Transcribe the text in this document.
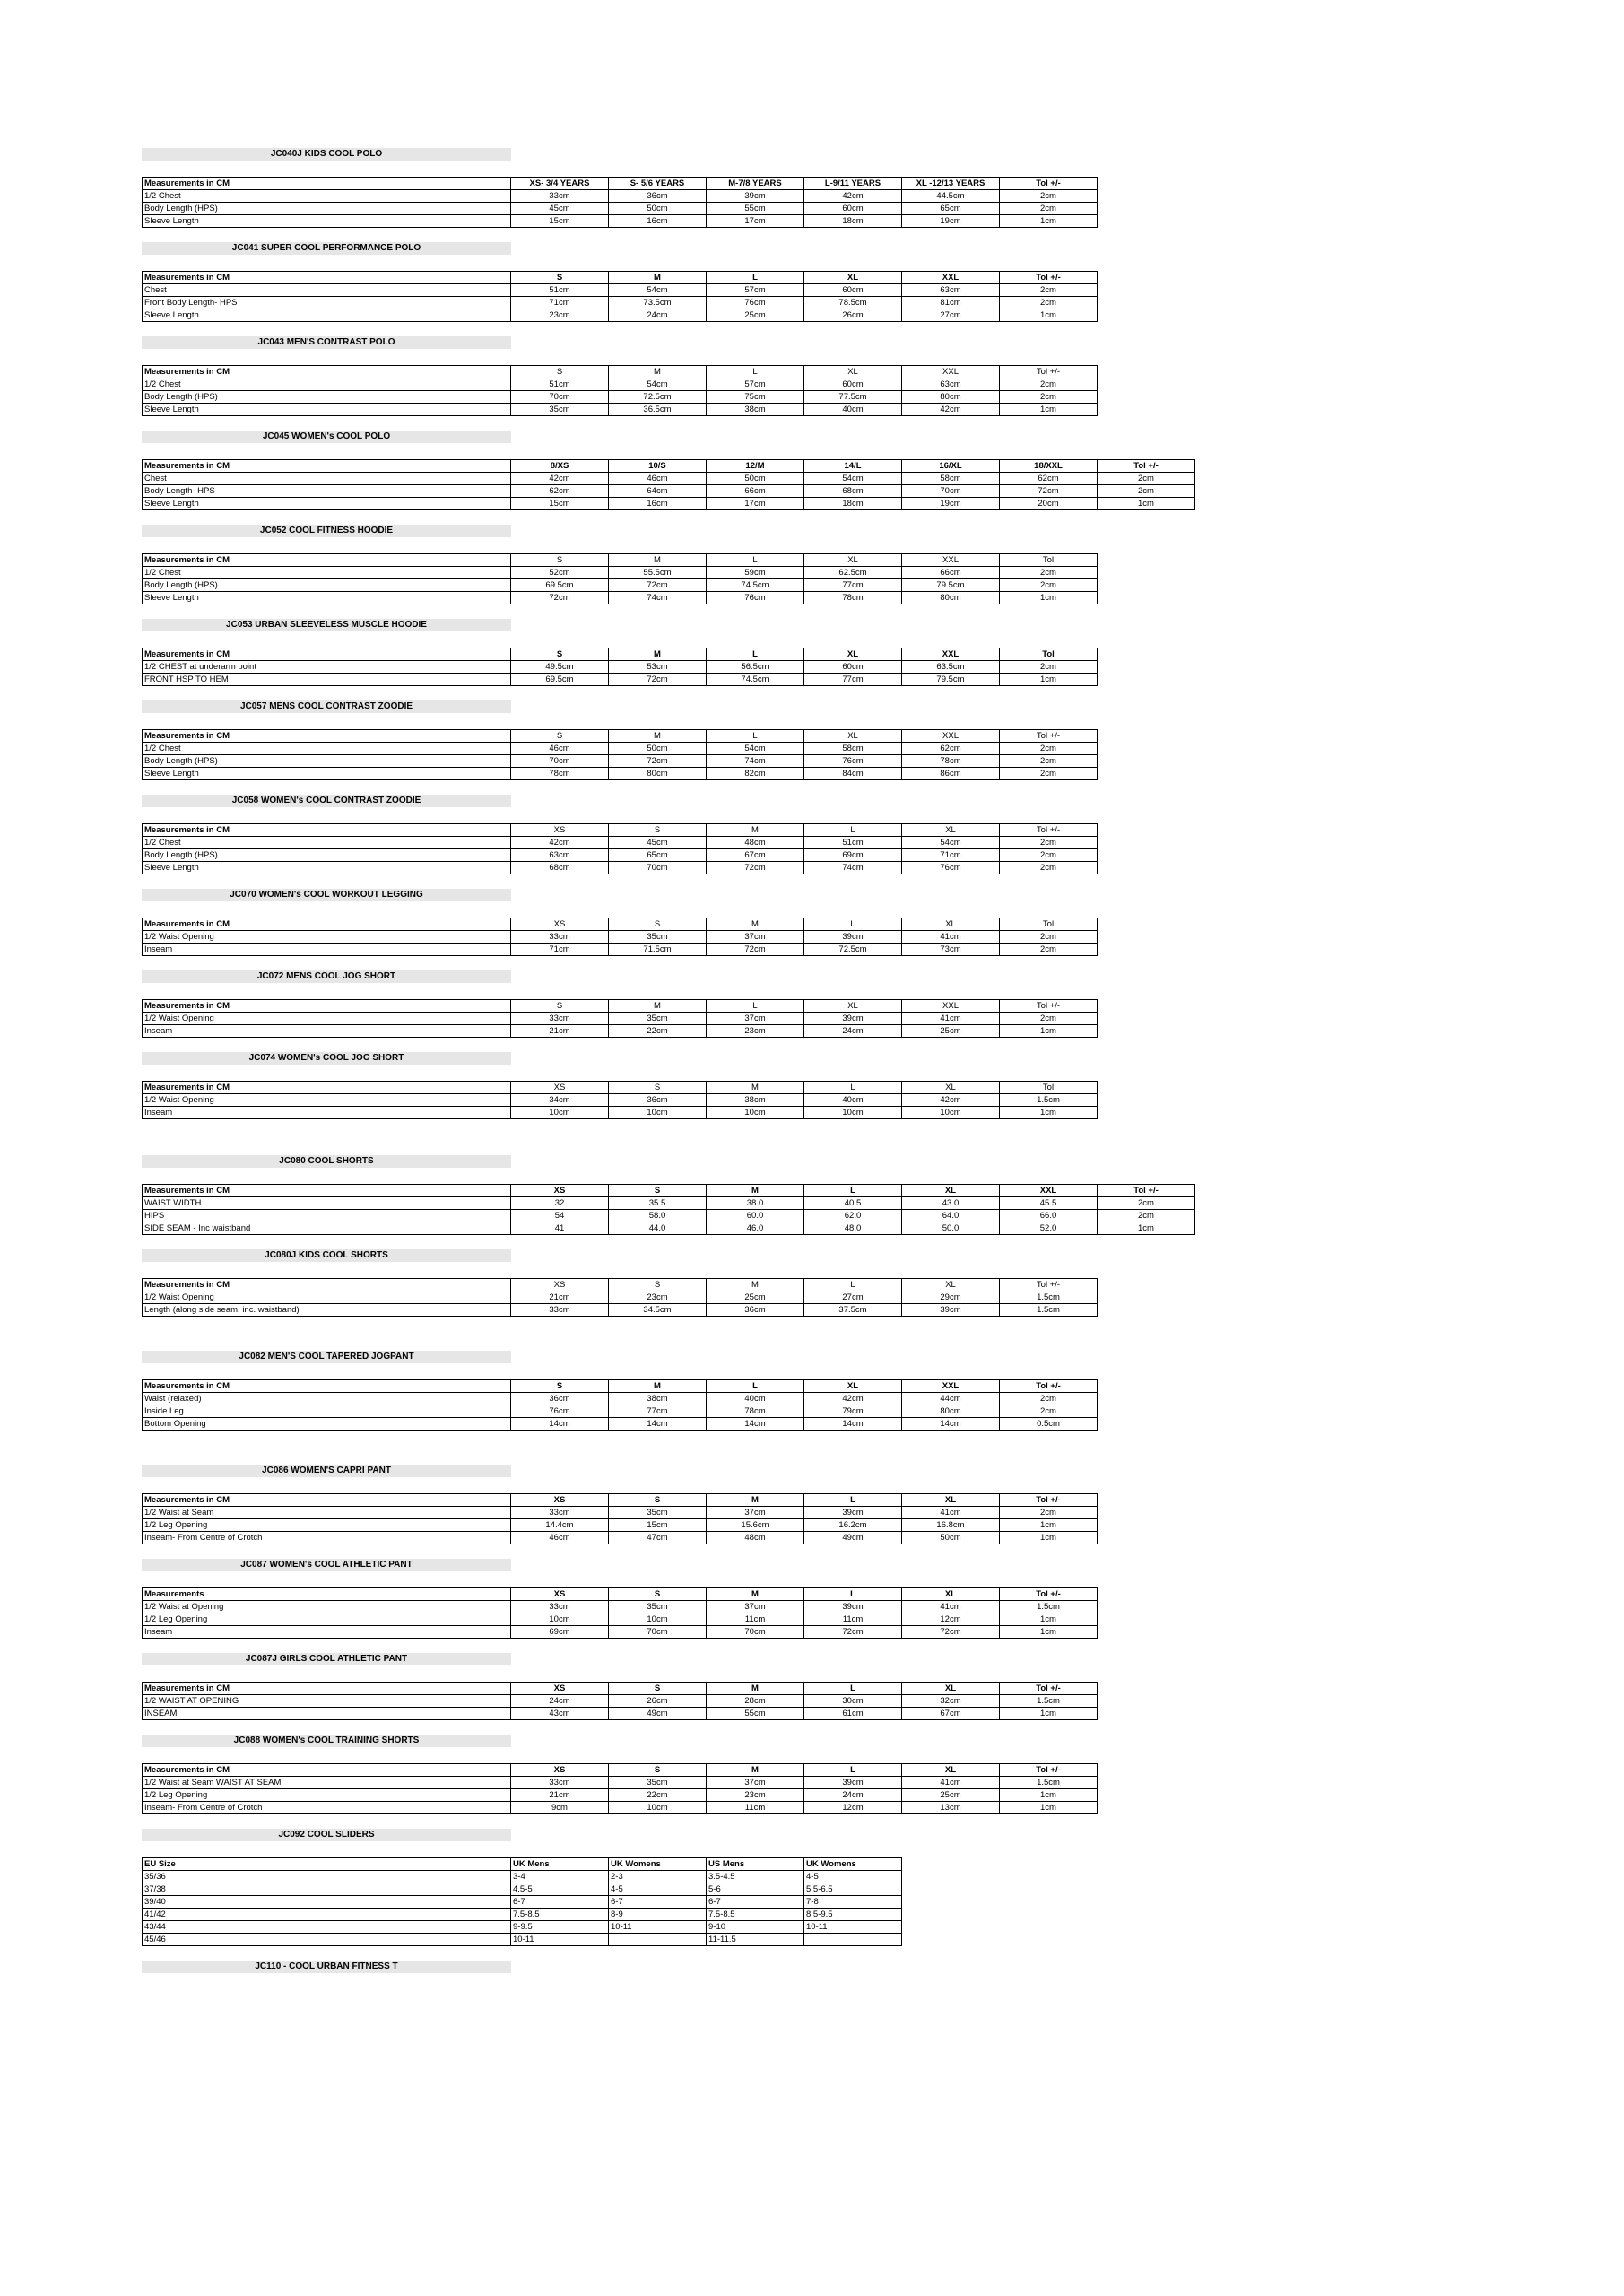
JC040J KIDS COOL POLO
Measurements in CM	XS- 3/4 YEARS	S- 5/6 YEARS	M-7/8 YEARS	L-9/11 YEARS	XL -12/13 YEARS	Tol +/-
1/2 Chest	33cm	36cm	39cm	42cm	44.5cm	2cm
Body Length (HPS)	45cm	50cm	55cm	60cm	65cm	2cm
Sleeve Length	15cm	16cm	17cm	18cm	19cm	1cm
JC041 SUPER COOL PERFORMANCE POLO
Measurements in CM	S	M	L	XL	XXL	Tol +/-
Chest	51cm	54cm	57cm	60cm	63cm	2cm
Front Body Length- HPS	71cm	73.5cm	76cm	78.5cm	81cm	2cm
Sleeve Length	23cm	24cm	25cm	26cm	27cm	1cm
JC043 MEN'S CONTRAST POLO
Measurements in CM	S	M	L	XL	XXL	Tol +/-
1/2 Chest	51cm	54cm	57cm	60cm	63cm	2cm
Body Length (HPS)	70cm	72.5cm	75cm	77.5cm	80cm	2cm
Sleeve Length	35cm	36.5cm	38cm	40cm	42cm	1cm
JC045 WOMEN's COOL POLO
Measurements in CM	8/XS	10/S	12/M	14/L	16/XL	18/XXL	Tol +/-
Chest	42cm	46cm	50cm	54cm	58cm	62cm	2cm
Body Length- HPS	62cm	64cm	66cm	68cm	70cm	72cm	2cm
Sleeve Length	15cm	16cm	17cm	18cm	19cm	20cm	1cm
JC052 COOL FITNESS HOODIE
Measurements in CM	S	M	L	XL	XXL	Tol
1/2 Chest	52cm	55.5cm	59cm	62.5cm	66cm	2cm
Body Length (HPS)	69.5cm	72cm	74.5cm	77cm	79.5cm	2cm
Sleeve Length	72cm	74cm	76cm	78cm	80cm	1cm
JC053 URBAN SLEEVELESS MUSCLE HOODIE
Measurements in CM	S	M	L	XL	XXL	Tol
1/2 CHEST at underarm point	49.5cm	53cm	56.5cm	60cm	63.5cm	2cm
FRONT HSP TO HEM	69.5cm	72cm	74.5cm	77cm	79.5cm	1cm
JC057 MENS COOL CONTRAST ZOODIE
Measurements in CM	S	M	L	XL	XXL	Tol +/-
1/2 Chest	46cm	50cm	54cm	58cm	62cm	2cm
Body Length (HPS)	70cm	72cm	74cm	76cm	78cm	2cm
Sleeve Length	78cm	80cm	82cm	84cm	86cm	2cm
JC058 WOMEN's COOL CONTRAST ZOODIE
Measurements in CM	XS	S	M	L	XL	Tol +/-
1/2 Chest	42cm	45cm	48cm	51cm	54cm	2cm
Body Length (HPS)	63cm	65cm	67cm	69cm	71cm	2cm
Sleeve Length	68cm	70cm	72cm	74cm	76cm	2cm
JC070 WOMEN's COOL WORKOUT LEGGING
Measurements in CM	XS	S	M	L	XL	Tol
1/2 Waist Opening	33cm	35cm	37cm	39cm	41cm	2cm
Inseam	71cm	71.5cm	72cm	72.5cm	73cm	2cm
JC072 MENS COOL JOG SHORT
Measurements in CM	S	M	L	XL	XXL	Tol +/-
1/2 Waist Opening	33cm	35cm	37cm	39cm	41cm	2cm
Inseam	21cm	22cm	23cm	24cm	25cm	1cm
JC074 WOMEN's COOL JOG SHORT
Measurements in CM	XS	S	M	L	XL	Tol
1/2 Waist Opening	34cm	36cm	38cm	40cm	42cm	1.5cm
Inseam	10cm	10cm	10cm	10cm	10cm	1cm
JC080 COOL SHORTS
Measurements in CM	XS	S	M	L	XL	XXL	Tol +/-
WAIST WIDTH	32	35.5	38.0	40.5	43.0	45.5	2cm
HIPS	54	58.0	60.0	62.0	64.0	66.0	2cm
SIDE SEAM - Inc waistband	41	44.0	46.0	48.0	50.0	52.0	1cm
JC080J KIDS COOL SHORTS
Measurements in CM	XS	S	M	L	XL	Tol +/-
1/2 Waist Opening	21cm	23cm	25cm	27cm	29cm	1.5cm
Length (along side seam, inc. waistband)	33cm	34.5cm	36cm	37.5cm	39cm	1.5cm
JC082 MEN'S COOL TAPERED JOGPANT
Measurements in CM	S	M	L	XL	XXL	Tol +/-
Waist (relaxed)	36cm	38cm	40cm	42cm	44cm	2cm
Inside Leg	76cm	77cm	78cm	79cm	80cm	2cm
Bottom Opening	14cm	14cm	14cm	14cm	14cm	0.5cm
JC086 WOMEN'S CAPRI PANT
Measurements in CM	XS	S	M	L	XL	Tol +/-
1/2 Waist at Seam	33cm	35cm	37cm	39cm	41cm	2cm
1/2 Leg Opening	14.4cm	15cm	15.6cm	16.2cm	16.8cm	1cm
Inseam- From Centre of Crotch	46cm	47cm	48cm	49cm	50cm	1cm
JC087 WOMEN's COOL ATHLETIC PANT
Measurements	XS	S	M	L	XL	Tol +/-
1/2 Waist at Opening	33cm	35cm	37cm	39cm	41cm	1.5cm
1/2 Leg Opening	10cm	10cm	11cm	11cm	12cm	1cm
Inseam	69cm	70cm	70cm	72cm	72cm	1cm
JC087J GIRLS COOL ATHLETIC PANT
Measurements in CM	XS	S	M	L	XL	Tol +/-
1/2 WAIST AT OPENING	24cm	26cm	28cm	30cm	32cm	1.5cm
INSEAM	43cm	49cm	55cm	61cm	67cm	1cm
JC088 WOMEN's COOL TRAINING SHORTS
Measurements in CM	XS	S	M	L	XL	Tol +/-
1/2 Waist at Seam WAIST AT SEAM	33cm	35cm	37cm	39cm	41cm	1.5cm
1/2 Leg Opening	21cm	22cm	23cm	24cm	25cm	1cm
Inseam- From Centre of Crotch	9cm	10cm	11cm	12cm	13cm	1cm
JC092 COOL SLIDERS
EU Size	UK Mens	UK Womens	US Mens	UK Womens
35/36	3-4	2-3	3.5-4.5	4-5
37/38	4.5-5	4-5	5-6	5.5-6.5
39/40	6-7	6-7	6-7	7-8
41/42	7.5-8.5	8-9	7.5-8.5	8.5-9.5
43/44	9-9.5	10-11	9-10	10-11
45/46	10-11		11-11.5	
JC110 - COOL URBAN FITNESS T
